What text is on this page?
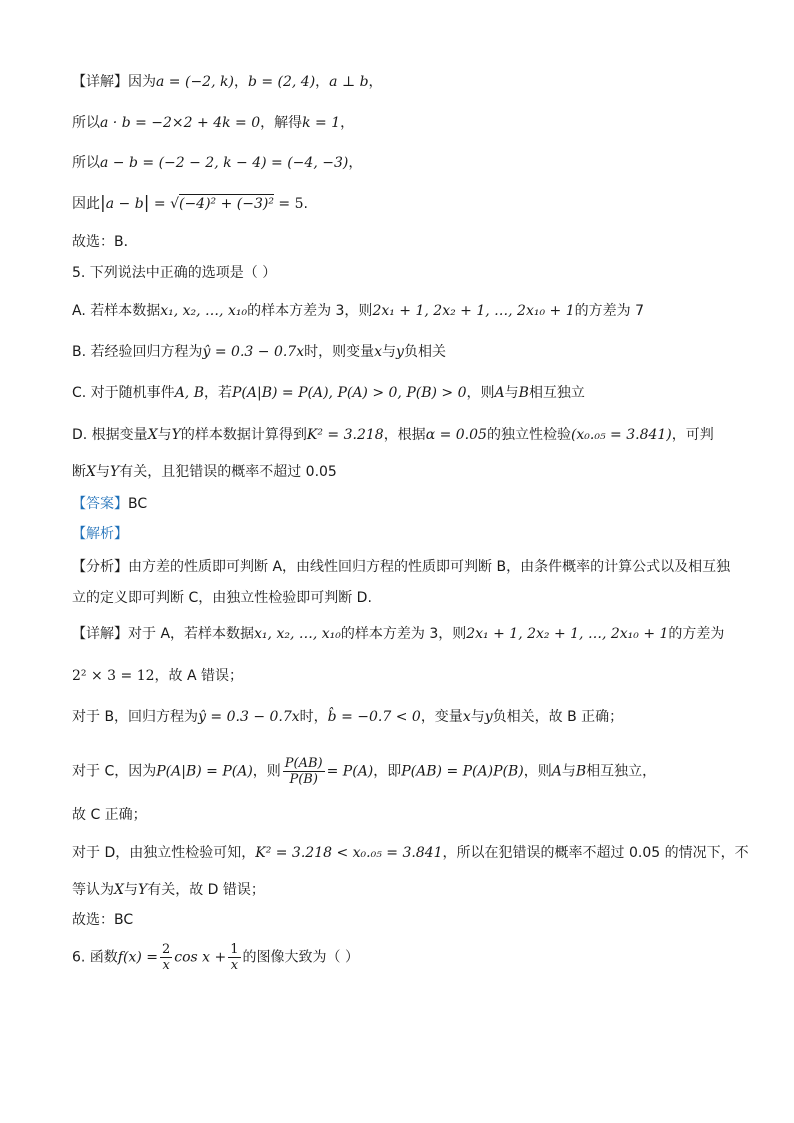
【详解】因为a = (−2, k)，b = (2, 4)，a ⊥ b，
所以a · b = −2×2 + 4k = 0，解得k = 1，
所以a − b = (−2 − 2, k − 4) = (−4, −3)，
因此|a − b| = √(−4)² + (−3)² = 5.
故选：B．
5. 下列说法中正确的选项是（ ）
A. 若样本数据x₁, x₂, …, x₁₀的样本方差为 3，则2x₁ + 1, 2x₂ + 1, …, 2x₁₀ + 1的方差为 7
B. 若经验回归方程为ŷ = 0.3 − 0.7x时，则变量x与y负相关
C. 对于随机事件A, B，若P(A|B) = P(A), P(A) > 0, P(B) > 0，则A与B相互独立
D. 根据变量X与Y的样本数据计算得到K² = 3.218，根据α = 0.05的独立性检验(x₀.₀₅ = 3.841)，可判
断X与Y有关，且犯错误的概率不超过 0.05
【答案】BC
【解析】
【分析】由方差的性质即可判断 A，由线性回归方程的性质即可判断 B，由条件概率的计算公式以及相互独
立的定义即可判断 C，由独立性检验即可判断 D.
【详解】对于 A，若样本数据x₁, x₂, …, x₁₀的样本方差为 3，则2x₁ + 1, 2x₂ + 1, …, 2x₁₀ + 1的方差为
2² × 3 = 12，故 A 错误；
对于 B，回归方程为ŷ = 0.3 − 0.7x时，b̂ = −0.7 < 0，变量x与y负相关，故 B 正确；
对于 C，因为P(A|B) = P(A)，则 $\frac{P(AB)}{P(B)} = P(A)$，即P(AB) = P(A)P(B)，则A与B相互独立，
故 C 正确；
对于 D，由独立性检验可知，K² = 3.218 < x₀.₀₅ = 3.841，所以在犯错误的概率不超过 0.05 的情况下，不
等认为X与Y有关，故 D 错误；
故选：BC
6. 函数$f(x) = \frac{2}{x}$ $\cos x + \frac{1}{x}$ 的图像大致为（ ）
